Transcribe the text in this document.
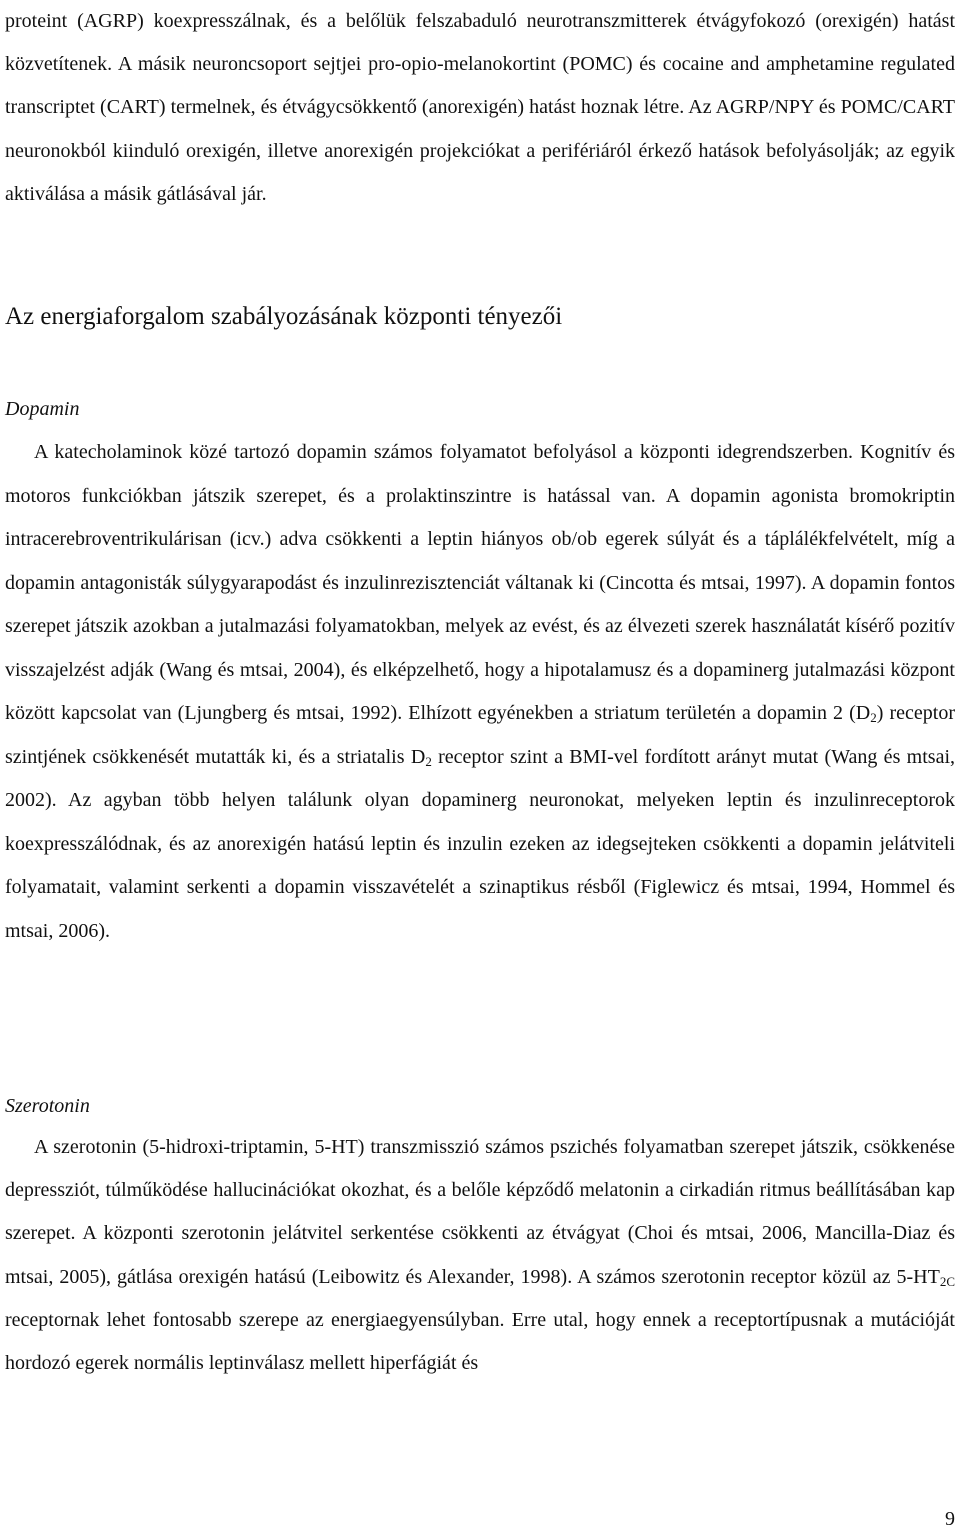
proteint (AGRP) koexpresszálnak, és a belőlük felszabaduló neurotranszmitterek étvágyfokozó (orexigén) hatást közvetítenek. A másik neuroncsoport sejtjei pro-opio-melanokortint (POMC) és cocaine and amphetamine regulated transcriptet (CART) termelnek, és étvágycsökkentő (anorexigén) hatást hoznak létre. Az AGRP/NPY és POMC/CART neuronokból kiinduló orexigén, illetve anorexigén projekciókat a perifériáról érkező hatások befolyásolják; az egyik aktiválása a másik gátlásával jár.

Az energiaforgalom szabályozásának központi tényezői
Dopamin

A katecholaminok közé tartozó dopamin számos folyamatot befolyásol a központi idegrendszerben. Kognitív és motoros funkciókban játszik szerepet, és a prolaktinszintre is hatással van. A dopamin agonista bromokriptin intracerebroventrikulárisan (icv.) adva csökkenti a leptin hiányos ob/ob egerek súlyát és a táplálékfelvételt, míg a dopamin antagonisták súlygyarapodást és inzulinrezisztenciát váltanak ki (Cincotta és mtsai, 1997). A dopamin fontos szerepet játszik azokban a jutalmazási folyamatokban, melyek az evést, és az élvezeti szerek használatát kísérő pozitív visszajelzést adják (Wang és mtsai, 2004), és elképzelhető, hogy a hipotalamusz és a dopaminerg jutalmazási központ között kapcsolat van (Ljungberg és mtsai, 1992). Elhízott egyénekben a striatum területén a dopamin 2 $(D_2)$ receptor szintjének csökkenését mutatták ki, és a striatalis $D_2$ receptor szint a BMI-vel fordított arányt mutat (Wang és mtsai, 2002). Az agyban több helyen találunk olyan dopaminerg neuronokat, melyeken leptin és inzulinreceptorok koexpresszálódnak, és az anorexigén hatású leptin és inzulin ezeken az idegsejteken csökkenti a dopamin jelátviteli folyamatait, valamint serkenti a dopamin visszavételét a szinaptikus résből (Figlewicz és mtsai, 1994, Hommel és mtsai, 2006).

Szerotonin

A szerotonin (5-hidroxi-triptamin, 5-HT) transzmisszió számos pszichés folyamatban szerepet játszik, csökkenése depressziót, túlműködése hallucinációkat okozhat, és a belőle képződő melatonin a cirkadián ritmus beállításában kap szerepet. A központi szerotonin jelátvitel serkentése csökkenti az étvágyat (Choi és mtsai, 2006, Mancilla-Diaz és mtsai, 2005), gátlása orexigén hatású (Leibowitz és Alexander, 1998). A számos szerotonin receptor közül az $5-HT_{2C}$ receptornak lehet fontosabb szerepe az energiaegyensúlyban. Erre utal, hogy ennek a receptortípusnak a mutációját hordozó egerek normális leptinválasz mellett hiperfágiát és

9
